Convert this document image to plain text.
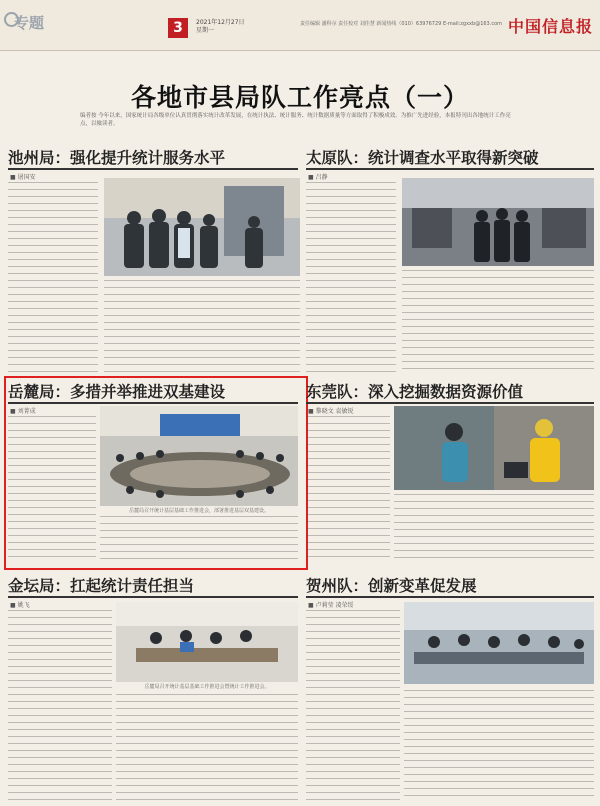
专题	3	2021年12月27日
星期一
责任编辑 潘科尔 责任校对 刘佳慧 新闻热线（010）63976729 E-mail:zgxxb@163.com 中国信息报
各地市县局队工作亮点（一）
编者按 今年以来，国家统计局各级单位认真贯彻落实统计改革发展，在统计执法、统计服务、统计数据质量等方面取得了积极成效。为推广先进经验，本报特刊出各地统计工作亮点，以飨读者。
池州局：强化提升统计服务水平
■ 屠国安
太原队：统计调查水平取得新突破
■ 吕静
岳麓局：多措并举推进双基建设
■ 刘菁成
岳麓局召开统计基层基础工作推进会，部署推进基层双基建设。
东莞队：深入挖掘数据资源价值
■ 黎晓文 袁敏锐
金坛局：扛起统计责任担当
■ 姚飞
岳麓局召开统计基层基础工作推进会暨统计工作推进会。
贺州队：创新变革促发展
■ 卢莉莹 凌荣绥
